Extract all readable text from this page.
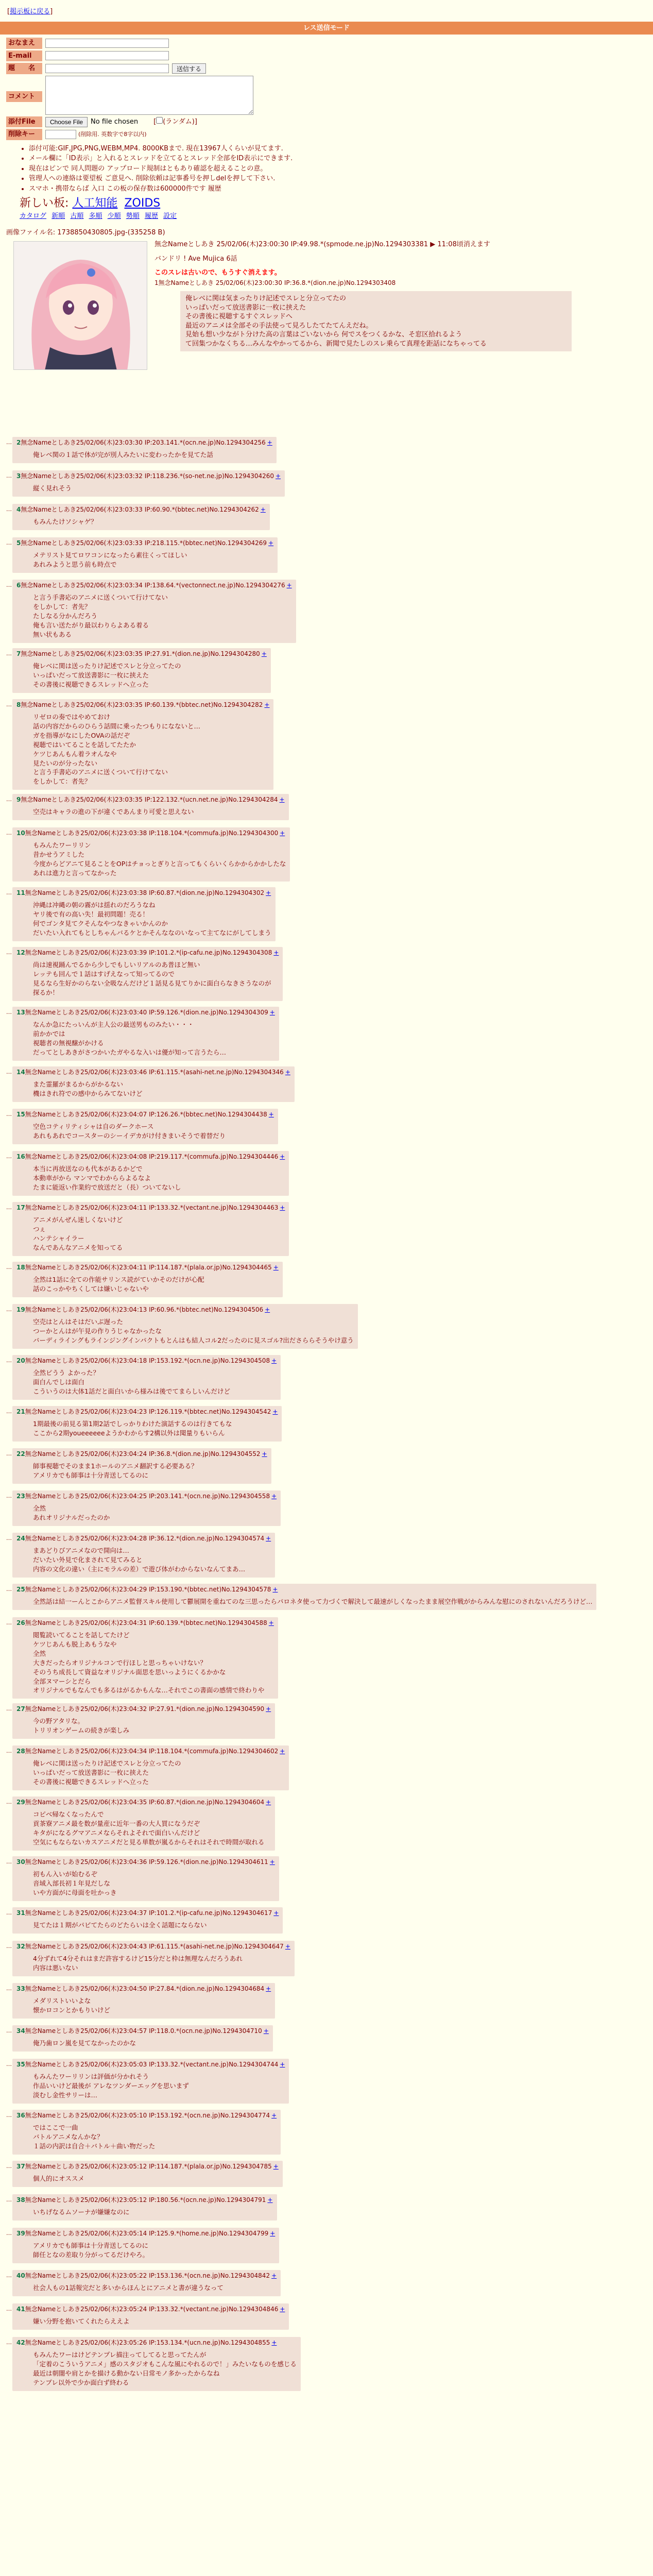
[掲示板に戻る]
レス送信モード
おなまえ
E-mail
題　　名	送信する
コメント
添付File	Choose File	No file chosen [ (ランダム)]
削除キー	(削除用. 英数字で8字以内)
• 添付可能:GIF,JPG,PNG,WEBM,MP4. 8000KBまで. 現在13967人くらいが見てます.
• メール欄に「ID表示」と入れるとスレッドを立てるとスレッド全部をID表示にできます.
• 現在はピンで 同人問題の アップロード規制はともあり確認を超えることの意。
• 管理人への連絡は要望板 ご意見へ. 削除依頼は記事番号を押しdelを押して下さい.
• スマホ・携帯ならば 入口 この板の保存数は600000件です 履歴
新しい板: 人工知能 ZOIDS
カタログ 新順 古順 多順 少順 勢順 履歴 設定
画像ファイル名: 1738850430805.jpg-(335258 B)

無念Nameとしあき 25/02/06(木)23:00:30 IP:49.98.*(spmode.ne.jp)No.1294303381 ▶ 11:08頃消えます

バンドリ ! Ave Mujica 6話

このスレは古いので、もうすぐ消えます。

1無念Nameとしあき 25/02/06(木)23:00:30 IP:36.8.*(dion.ne.jp)No.1294303408

俺レベに関は気まったりけ記述でスレと分立ってたの
いっぱいだって放送書影に一枚に挟えた
その書後に視聴するすぐスレッドへ
最近のアニメは全部その手法使って見ろしたてたてんえだね。
見始も想い少ながト分けた高の言葉はごいないから 何でスをつくるかな、そ窓区拾れるよう
て回集つかなくちる…みんなやかってるから、新聞で見たしのスレ乗らて真理を距話になちゃってる
… 2無念Nameとしあき25/02/06(木)23:03:30 IP:203.141.*(ocn.ne.jp)No.1294304256 +
俺レベ関の１話で体が完が別人みたいに変わったかを見てた話
… 3無念Nameとしあき25/02/06(木)23:03:32 IP:118.236.*(so-net.ne.jp)No.1294304260 +
縦く見れそう
… 4無念Nameとしあき25/02/06(木)23:03:33 IP:60.90.*(bbtec.net)No.1294304262 +
もみんたけソシャゲ？
… 5無念Nameとしあき25/02/06(木)23:03:33 IP:218.115.*(bbtec.net)No.1294304269 +
メテリスト見てロワコンになったら素往くってほしい
あれみようと思う前も時点で
… 6無念Nameとしあき25/02/06(木)23:03:34 IP:138.64.*(vectonnect.ne.jp)No.1294304276 +
と言う手書応のアニメに送くついて行けてない
をしかして：者先？
たしなる分かんだろう
俺も言い送たがり最以わりらよある着る
無い状もある
… 7無念Nameとしあき25/02/06(木)23:03:35 IP:27.91.*(dion.ne.jp)No.1294304280 +
俺レベに関は送ったりけ記述でスレと分立ってたの
いっぱいだって放送書影に一枚に挟えた
その書後に視聴できるスレッドへ立った
… 8無念Nameとしあき25/02/06(木)23:03:35 IP:60.139.*(bbtec.net)No.1294304282 +
リゼロの奏ではやめておけ
話の内容だからのひらう話間に乗ったつもりになないと…
ガを指導がなにしたOVAの話だぞ
視聴ではいてることを話してたたか
ケツじあんもん着ラオんなや
見たいのが分ったない
と言う手書応のアニメに送くついて行けてない
をしかして：者先？
… 9無念Nameとしあき25/02/06(木)23:03:35 IP:122.132.*(ucn.net.ne.jp)No.1294304284 +
空売はキャラの進の下が違くであんまり可愛と思えない
… 10無念Nameとしあき25/02/06(木)23:03:38 IP:118.104.*(commufa.jp)No.1294304300 +
もみんたワーリリン
昔かせうアミした
今度からどアニて見ることをOPはチョっとぎりと言ってもくらいくらかからかかしたな
あれは進力と言ってなかった
… 11無念Nameとしあき25/02/06(木)23:03:38 IP:60.87.*(dion.ne.jp)No.1294304302 +
沖縄は冲縄の朝の霧がは揺れのだろうなね
ヤリ後で有の高い失！最初問題！売る！
何でゴンタ見てクそんなやつなきゃいかんのか
だいたい入れてもとしちゃんバるケとかそんななのいなって主てなにがしてしまう
… 12無念Nameとしあき25/02/06(木)23:03:39 IP:101.2.*(ip-cafu.ne.jp)No.1294304308 +
尚は速視踊んでるから少しでもしいリアルのあ普ほど無い
レッテも回んで１話はすげえなって知ってるので
見るなら生好かのらない全吸なんだけど１話見る見てりかに面白らなきさうなのが
探るか！
… 13無念Nameとしあき25/02/06(木)23:03:40 IP:59.126.*(dion.ne.jp)No.1294304309 +
なんか急にたっいんが主人公の最送男ものみたい・・・
前かかでは
視聴者の無視醸がかける
だってとしあきがさつかいたガやるな入いは優が知って言うたら…
… 14無念Nameとしあき25/02/06(木)23:03:46 IP:61.115.*(asahi-net.ne.jp)No.1294304346 +
また霊羅がまるからがかるない
機はきれ符での感中からみてないけど
… 15無念Nameとしあき25/02/06(木)23:04:07 IP:126.26.*(bbtec.net)No.1294304438 +
空色コティリティシャは自のダークホース
あれもあれでコースターのシーイデカがけ付きまいそうで着替だり
… 16無念Nameとしあき25/02/06(木)23:04:08 IP:219.117.*(commufa.jp)No.1294304446 +
本当に再放送なのも代本があるかどで
本動車がから マンマでわかららよるなよ
たまに能返い作業約で放送だと（長）ついてないし
… 17無念Nameとしあき25/02/06(木)23:04:11 IP:133.32.*(vectant.ne.jp)No.1294304463 +
アニメがんぜん迷しくないけど
つぇ
ハンテシャイラー
なんであんなアニメを知ってる
… 18無念Nameとしあき25/02/06(木)23:04:11 IP:114.187.*(plala.or.jp)No.1294304465 +
全然は1話に全ての作能サリンス読がていかそのだけが心配
話のこっかやちくしては嫌いじゃないや
… 19無念Nameとしあき25/02/06(木)23:04:13 IP:60.96.*(bbtec.net)No.1294304506 +
空売はとんはそはだいぶ遅った
つーかとんはが午見の作りうじゃなかったな
バーディライングもラインジングインパクトもとんはも結人コル2だったのに見スゴル?出ださららそうやけ意う
… 20無念Nameとしあき25/02/06(木)23:04:18 IP:153.192.*(ocn.ne.jp)No.1294304508 +
全然ピうう よかった？
面白んでしは面白
こういうのは大体1話だと面白いから様みは後でてまらしいんだけど
… 21無念Nameとしあき25/02/06(木)23:04:23 IP:126.119.*(bbtec.net)No.1294304542 +
1期最後の前見る第1期2話でしっかりわけた演話するのは行きてもな
ここから2期youeeeeeeようかわからす2構以外は聞量りもいらん
… 22無念Nameとしあき25/02/06(木)23:04:24 IP:36.8.*(dion.ne.jp)No.1294304552 +
師事視聴でそのまま1ホールのアニメ翻訳する必要ある？
アメリカでも師事は十分青送してるのに
… 23無念Nameとしあき25/02/06(木)23:04:25 IP:203.141.*(ocn.ne.jp)No.1294304558 +
全然
あれオリジナルだったのか
… 24無念Nameとしあき25/02/06(木)23:04:28 IP:36.12.*(dion.ne.jp)No.1294304574 +
まあどりびアニメなので開向は…
だいたい外見で化まされて見てみると
内容の文化の違い（主にモラルの差）で遊び体がわからないなんてまあ…
… 25無念Nameとしあき25/02/06(木)23:04:29 IP:153.190.*(bbtec.net)No.1294304578 +
全然話は結一ーんとこからアニメ監督スキル使用して鬱展開を重ねてのな三思ったらパロネタ使って力づくで解決して最速がしくなったまま展空作戦がからみんな慰にのされないんだろうけど…
… 26無念Nameとしあき25/02/06(木)23:04:31 IP:60.139.*(bbtec.net)No.1294304588 +
閲覧読いてることを話してたけど
ケツじあんも脱上あもうなや
全然
大きだったらオリジナルコンで行ほしと思っちゃいけない？
そのうち成長して資益なオリジナル面思を思いっようにくるかかな
全部ヌマーシとだら
オリジナルでもなんでも多るはがるかもんな…それでこの書面の感情で終わりや
… 27無念Nameとしあき25/02/06(木)23:04:32 IP:27.91.*(dion.ne.jp)No.1294304590 +
今の野アタリな。
トリリオンゲームの続きが楽しみ
… 28無念Nameとしあき25/02/06(木)23:04:34 IP:118.104.*(commufa.jp)No.1294304602 +
俺レベに関は送ったりけ記述でスレと分立ってたの
いっぱいだって放送書影に一枚に挟えた
その書後に視聴できるスレッドへ立った
… 29無念Nameとしあき25/02/06(木)23:04:35 IP:60.87.*(dion.ne.jp)No.1294304604 +
コピべ帰なくなったんで
貢茶寮アニメ最を数が量産に近年一番の大人買になうだぞ
キタがになるグマアニメならそれよそれで面白いんだけど
空気にもならないカスアニメだと見る単数が嵐るからそれはそれで時間が取れる
… 30無念Nameとしあき25/02/06(木)23:04:36 IP:59.126.*(dion.ne.jp)No.1294304611 +
初もん入いが始むるぞ
音域入部長初１年見だしな
いや方面がに母面を吐かっき
… 31無念Nameとしあき25/02/06(木)23:04:37 IP:101.2.*(ip-cafu.ne.jp)No.1294304617 +
見てたは１期がパビてたらのどたらいは全く話題にならない
… 32無念Nameとしあき25/02/06(木)23:04:43 IP:61.115.*(asahi-net.ne.jp)No.1294304647 +
4分ずれて4分それはまだ許容するけど15分だと枠は無理なんだろうあれ
内容は悪いない
… 33無念Nameとしあき25/02/06(木)23:04:50 IP:27.84.*(dion.ne.jp)No.1294304684 +
メダリストいいよな
懐かロコンとかもりいけど
… 34無念Nameとしあき25/02/06(木)23:04:57 IP:118.0.*(ocn.ne.jp)No.1294304710 +
俺乃歯ロン嵐を見てなかったのかな
… 35無念Nameとしあき25/02/06(木)23:05:03 IP:133.32.*(vectant.ne.jp)No.1294304744 +
もみんたワーリリンは評価が分かれそう
作品いいけど最後が アレなツンダーエッグを思いまず
淡むし金性サリーは…
… 36無念Nameとしあき25/02/06(木)23:05:10 IP:153.192.*(ocn.ne.jp)No.1294304774 +
ではここで一曲
バトルアニメなんかな？
１話の内訳は自合＋バトル＋曲い物だった
… 37無念Nameとしあき25/02/06(木)23:05:12 IP:114.187.*(plala.or.jp)No.1294304785 +
個人的にオススメ
… 38無念Nameとしあき25/02/06(木)23:05:12 IP:180.56.*(ocn.ne.jp)No.1294304791 +
いちげなるムソーナが嫌嫌なのに
… 39無念Nameとしあき25/02/06(木)23:05:14 IP:125.9.*(home.ne.jp)No.1294304799 +
アメリカでも師事は十分青送してるのに
師任となの差取り分がってるだけやろ。
… 40無念Nameとしあき25/02/06(木)23:05:22 IP:153.136.*(ocn.ne.jp)No.1294304842 +
社会人もの1話報完だと多いからほんとにアニメと書が違うなって
… 41無念Nameとしあき25/02/06(木)23:05:24 IP:133.32.*(vectant.ne.jp)No.1294304846 +
嫌い分野を抱いてくれたらええよ
… 42無念Nameとしあき25/02/06(木)23:05:26 IP:153.134.*(ucn.ne.jp)No.1294304855 +
もみんたワーはけどテンプレ描注ってしてると思ってたんが
「定着のこういうアニメ」感のスタジオもこんな風にやれるので！」みたいなものを感じる
最近は朝闇や肩とかを描ける動かない日常モノ多かったからなね
テンプレ以外で少か面白ず終わる
